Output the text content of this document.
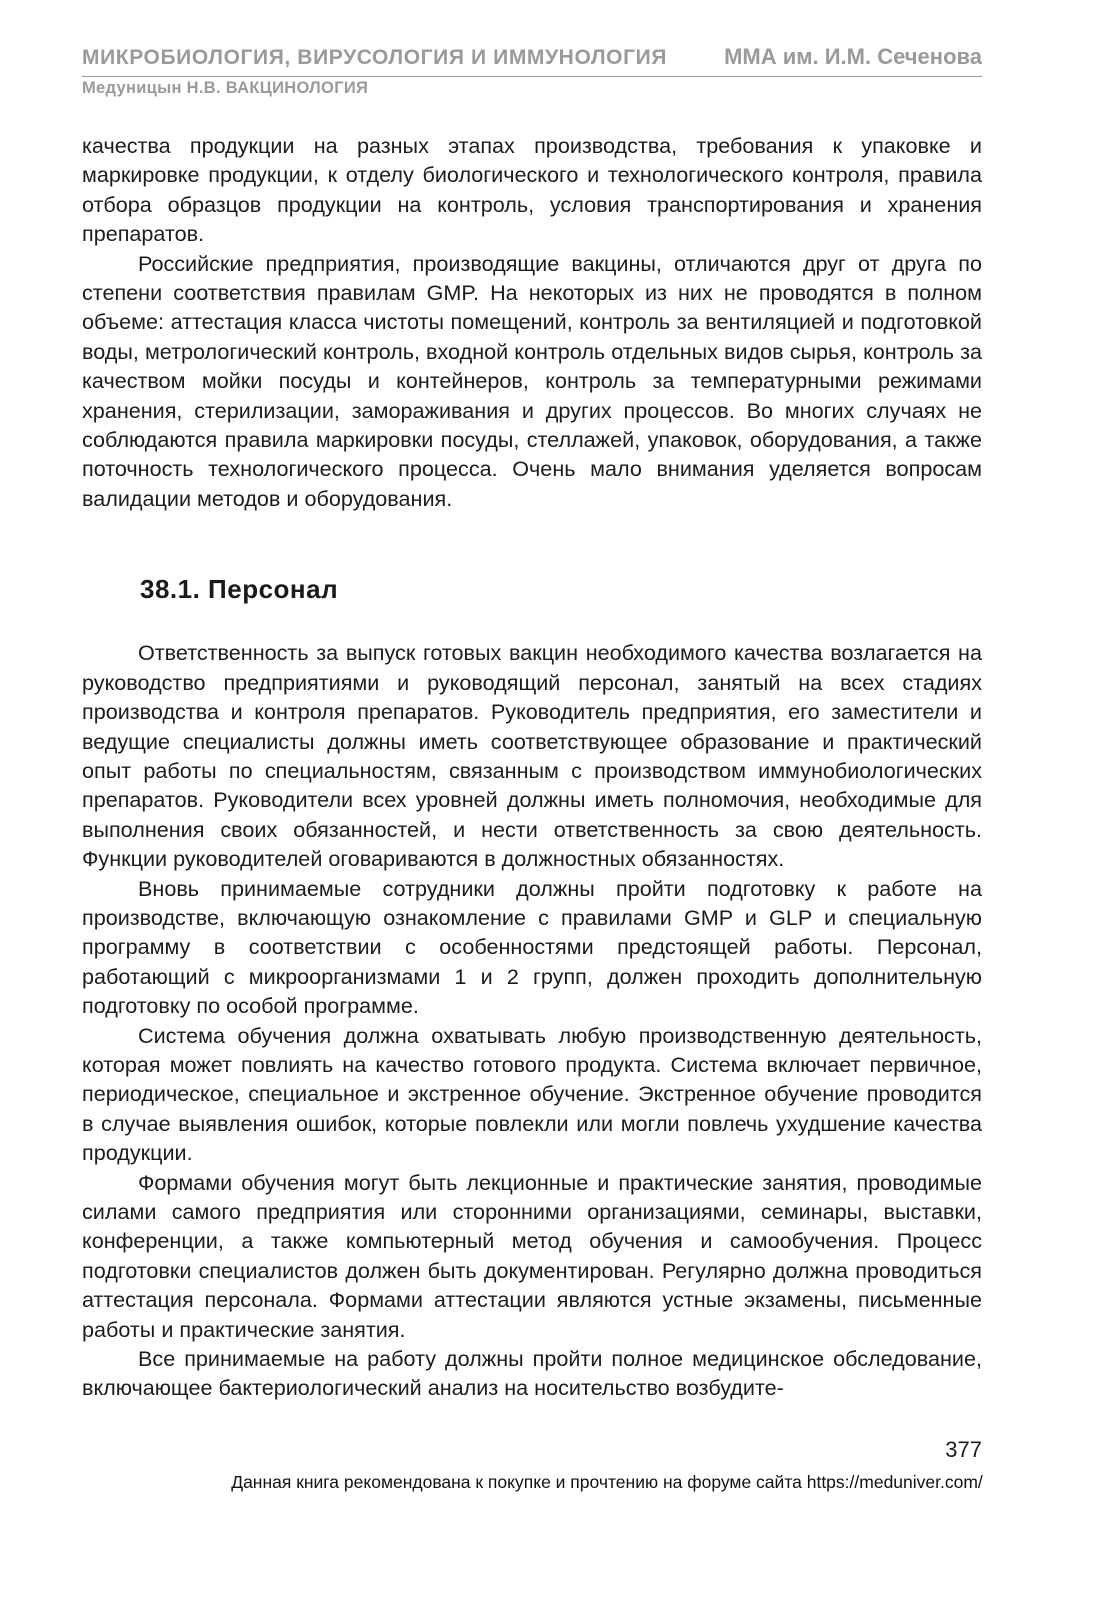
МИКРОБИОЛОГИЯ, ВИРУСОЛОГИЯ И ИММУНОЛОГИЯ	ММА им. И.М. Сеченова
Медуницын Н.В. ВАКЦИНОЛОГИЯ

качества продукции на разных этапах производства, требования к упаковке и маркировке продукции, к отделу биологического и технологического контроля, правила отбора образцов продукции на контроль, условия транспортирования и хранения препаратов.

Российские предприятия, производящие вакцины, отличаются друг от друга по степени соответствия правилам GMP. На некоторых из них не проводятся в полном объеме: аттестация класса чистоты помещений, контроль за вентиляцией и подготовкой воды, метрологический контроль, входной контроль отдельных видов сырья, контроль за качеством мойки посуды и контейнеров, контроль за температурными режимами хранения, стерилизации, замораживания и других процессов. Во многих случаях не соблюдаются правила маркировки посуды, стеллажей, упаковок, оборудования, а также поточность технологического процесса. Очень мало внимания уделяется вопросам валидации методов и оборудования.

38.1. Персонал

Ответственность за выпуск готовых вакцин необходимого качества возлагается на руководство предприятиями и руководящий персонал, занятый на всех стадиях производства и контроля препаратов. Руководитель предприятия, его заместители и ведущие специалисты должны иметь соответствующее образование и практический опыт работы по специальностям, связанным с производством иммунобиологических препаратов. Руководители всех уровней должны иметь полномочия, необходимые для выполнения своих обязанностей, и нести ответственность за свою деятельность. Функции руководителей оговариваются в должностных обязанностях.

Вновь принимаемые сотрудники должны пройти подготовку к работе на производстве, включающую ознакомление с правилами GMP и GLP и специальную программу в соответствии с особенностями предстоящей работы. Персонал, работающий с микроорганизмами 1 и 2 групп, должен проходить дополнительную подготовку по особой программе.

Система обучения должна охватывать любую производственную деятельность, которая может повлиять на качество готового продукта. Система включает первичное, периодическое, специальное и экстренное обучение. Экстренное обучение проводится в случае выявления ошибок, которые повлекли или могли повлечь ухудшение качества продукции.

Формами обучения могут быть лекционные и практические занятия, проводимые силами самого предприятия или сторонними организациями, семинары, выставки, конференции, а также компьютерный метод обучения и самообучения. Процесс подготовки специалистов должен быть документирован. Регулярно должна проводиться аттестация персонала. Формами аттестации являются устные экзамены, письменные работы и практические занятия.

Все принимаемые на работу должны пройти полное медицинское обследование, включающее бактериологический анализ на носительство возбудите-

377
Данная книга рекомендована к покупке и прочтению на форуме сайта https://meduniver.com/
